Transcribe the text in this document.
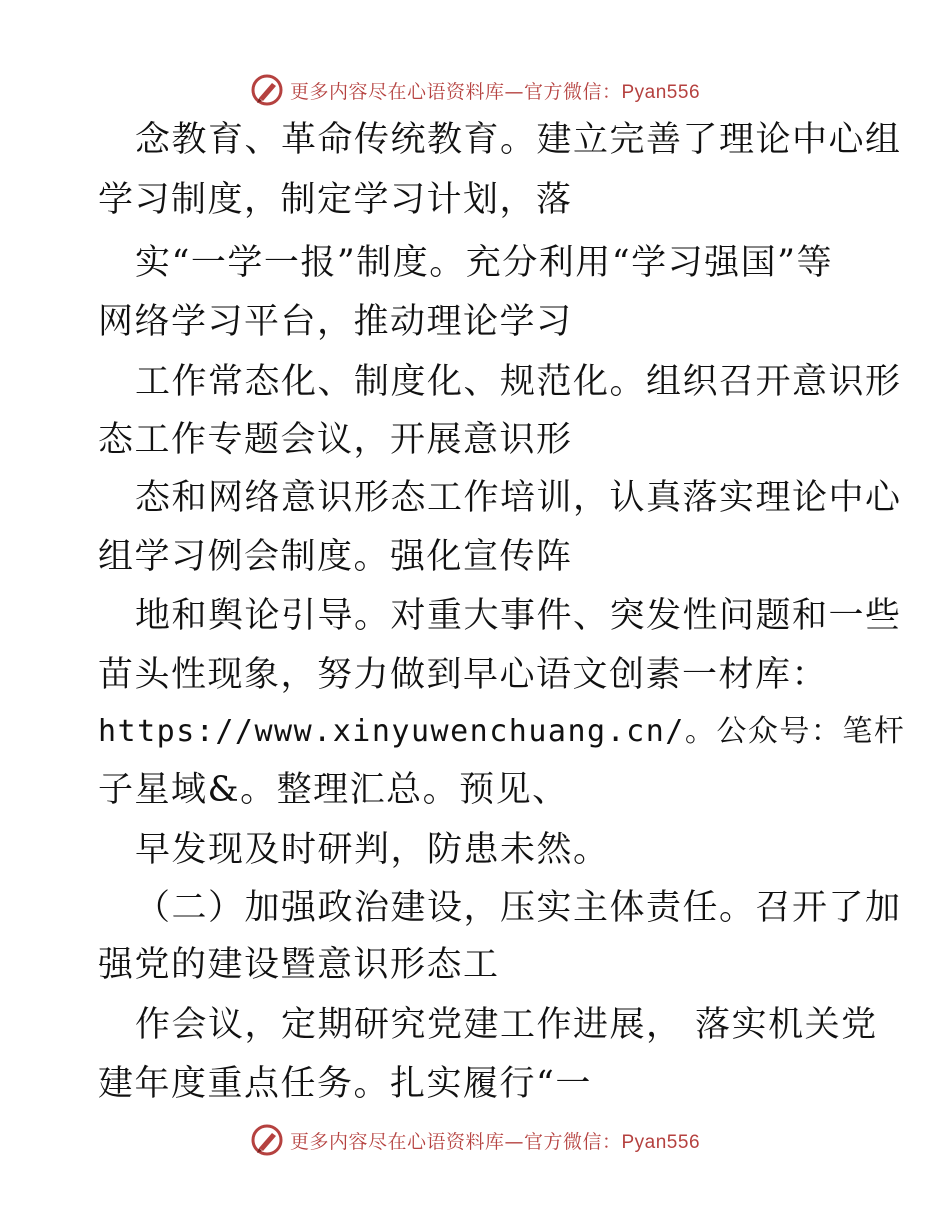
更多内容尽在心语资料库—官方微信：Pyan556
念教育、革命传统教育。建立完善了理论中心组
学习制度，制定学习计划，落
实“一学一报”制度。充分利用“学习强国”等
网络学习平台，推动理论学习
工作常态化、制度化、规范化。组织召开意识形
态工作专题会议，开展意识形
态和网络意识形态工作培训，认真落实理论中心
组学习例会制度。强化宣传阵
地和舆论引导。对重大事件、突发性问题和一些
苗头性现象，努力做到早心语文创素一材库：
https://www.xinyuwenchuang.cn/。公众号：笔杆
子星域&。整理汇总。预见、
早发现及时研判，防患未然。
（二）加强政治建设，压实主体责任。召开了加
强党的建设暨意识形态工
作会议，定期研究党建工作进展， 落实机关党
建年度重点任务。扎实履行“一
更多内容尽在心语资料库—官方微信：Pyan556
